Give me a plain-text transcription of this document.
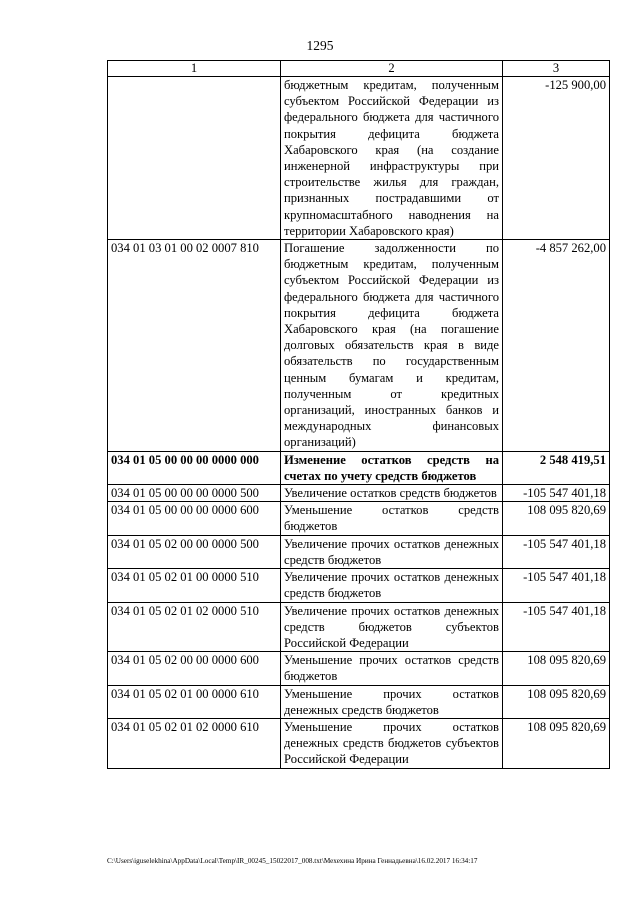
1295
1	2	3
	бюджетным кредитам, полученным субъектом Российской Федерации из федерального бюджета для частичного покрытия дефицита бюджета Хабаровского края (на создание инженерной инфраструктуры при строительстве жилья для граждан, признанных пострадавшими от крупномасштабного наводнения на территории Хабаровского края)	-125 900,00
034 01 03 01 00 02 0007 810	Погашение задолженности по бюджетным кредитам, полученным субъектом Российской Федерации из федерального бюджета для частичного покрытия дефицита бюджета Хабаровского края (на погашение долговых обязательств края в виде обязательств по государственным ценным бумагам и кредитам, полученным от кредитных организаций, иностранных банков и международных финансовых организаций)	-4 857 262,00
034 01 05 00 00 00 0000 000	Изменение остатков средств на счетах по учету средств бюджетов	2 548 419,51
034 01 05 00 00 00 0000 500	Увеличение остатков средств бюджетов	-105 547 401,18
034 01 05 00 00 00 0000 600	Уменьшение остатков средств бюджетов	108 095 820,69
034 01 05 02 00 00 0000 500	Увеличение прочих остатков денежных средств бюджетов	-105 547 401,18
034 01 05 02 01 00 0000 510	Увеличение прочих остатков денежных средств бюджетов	-105 547 401,18
034 01 05 02 01 02 0000 510	Увеличение прочих остатков денежных средств бюджетов субъектов Российской Федерации	-105 547 401,18
034 01 05 02 00 00 0000 600	Уменьшение прочих остатков средств бюджетов	108 095 820,69
034 01 05 02 01 00 0000 610	Уменьшение прочих остатков денежных средств бюджетов	108 095 820,69
034 01 05 02 01 02 0000 610	Уменьшение прочих остатков денежных средств бюджетов субъектов Российской Федерации	108 095 820,69
C:\Users\iguselekhina\AppData\Local\Temp\IR_00245_15022017_008.txt\Мехехина Ирина Геннадьевна\16.02.2017 16:34:17
